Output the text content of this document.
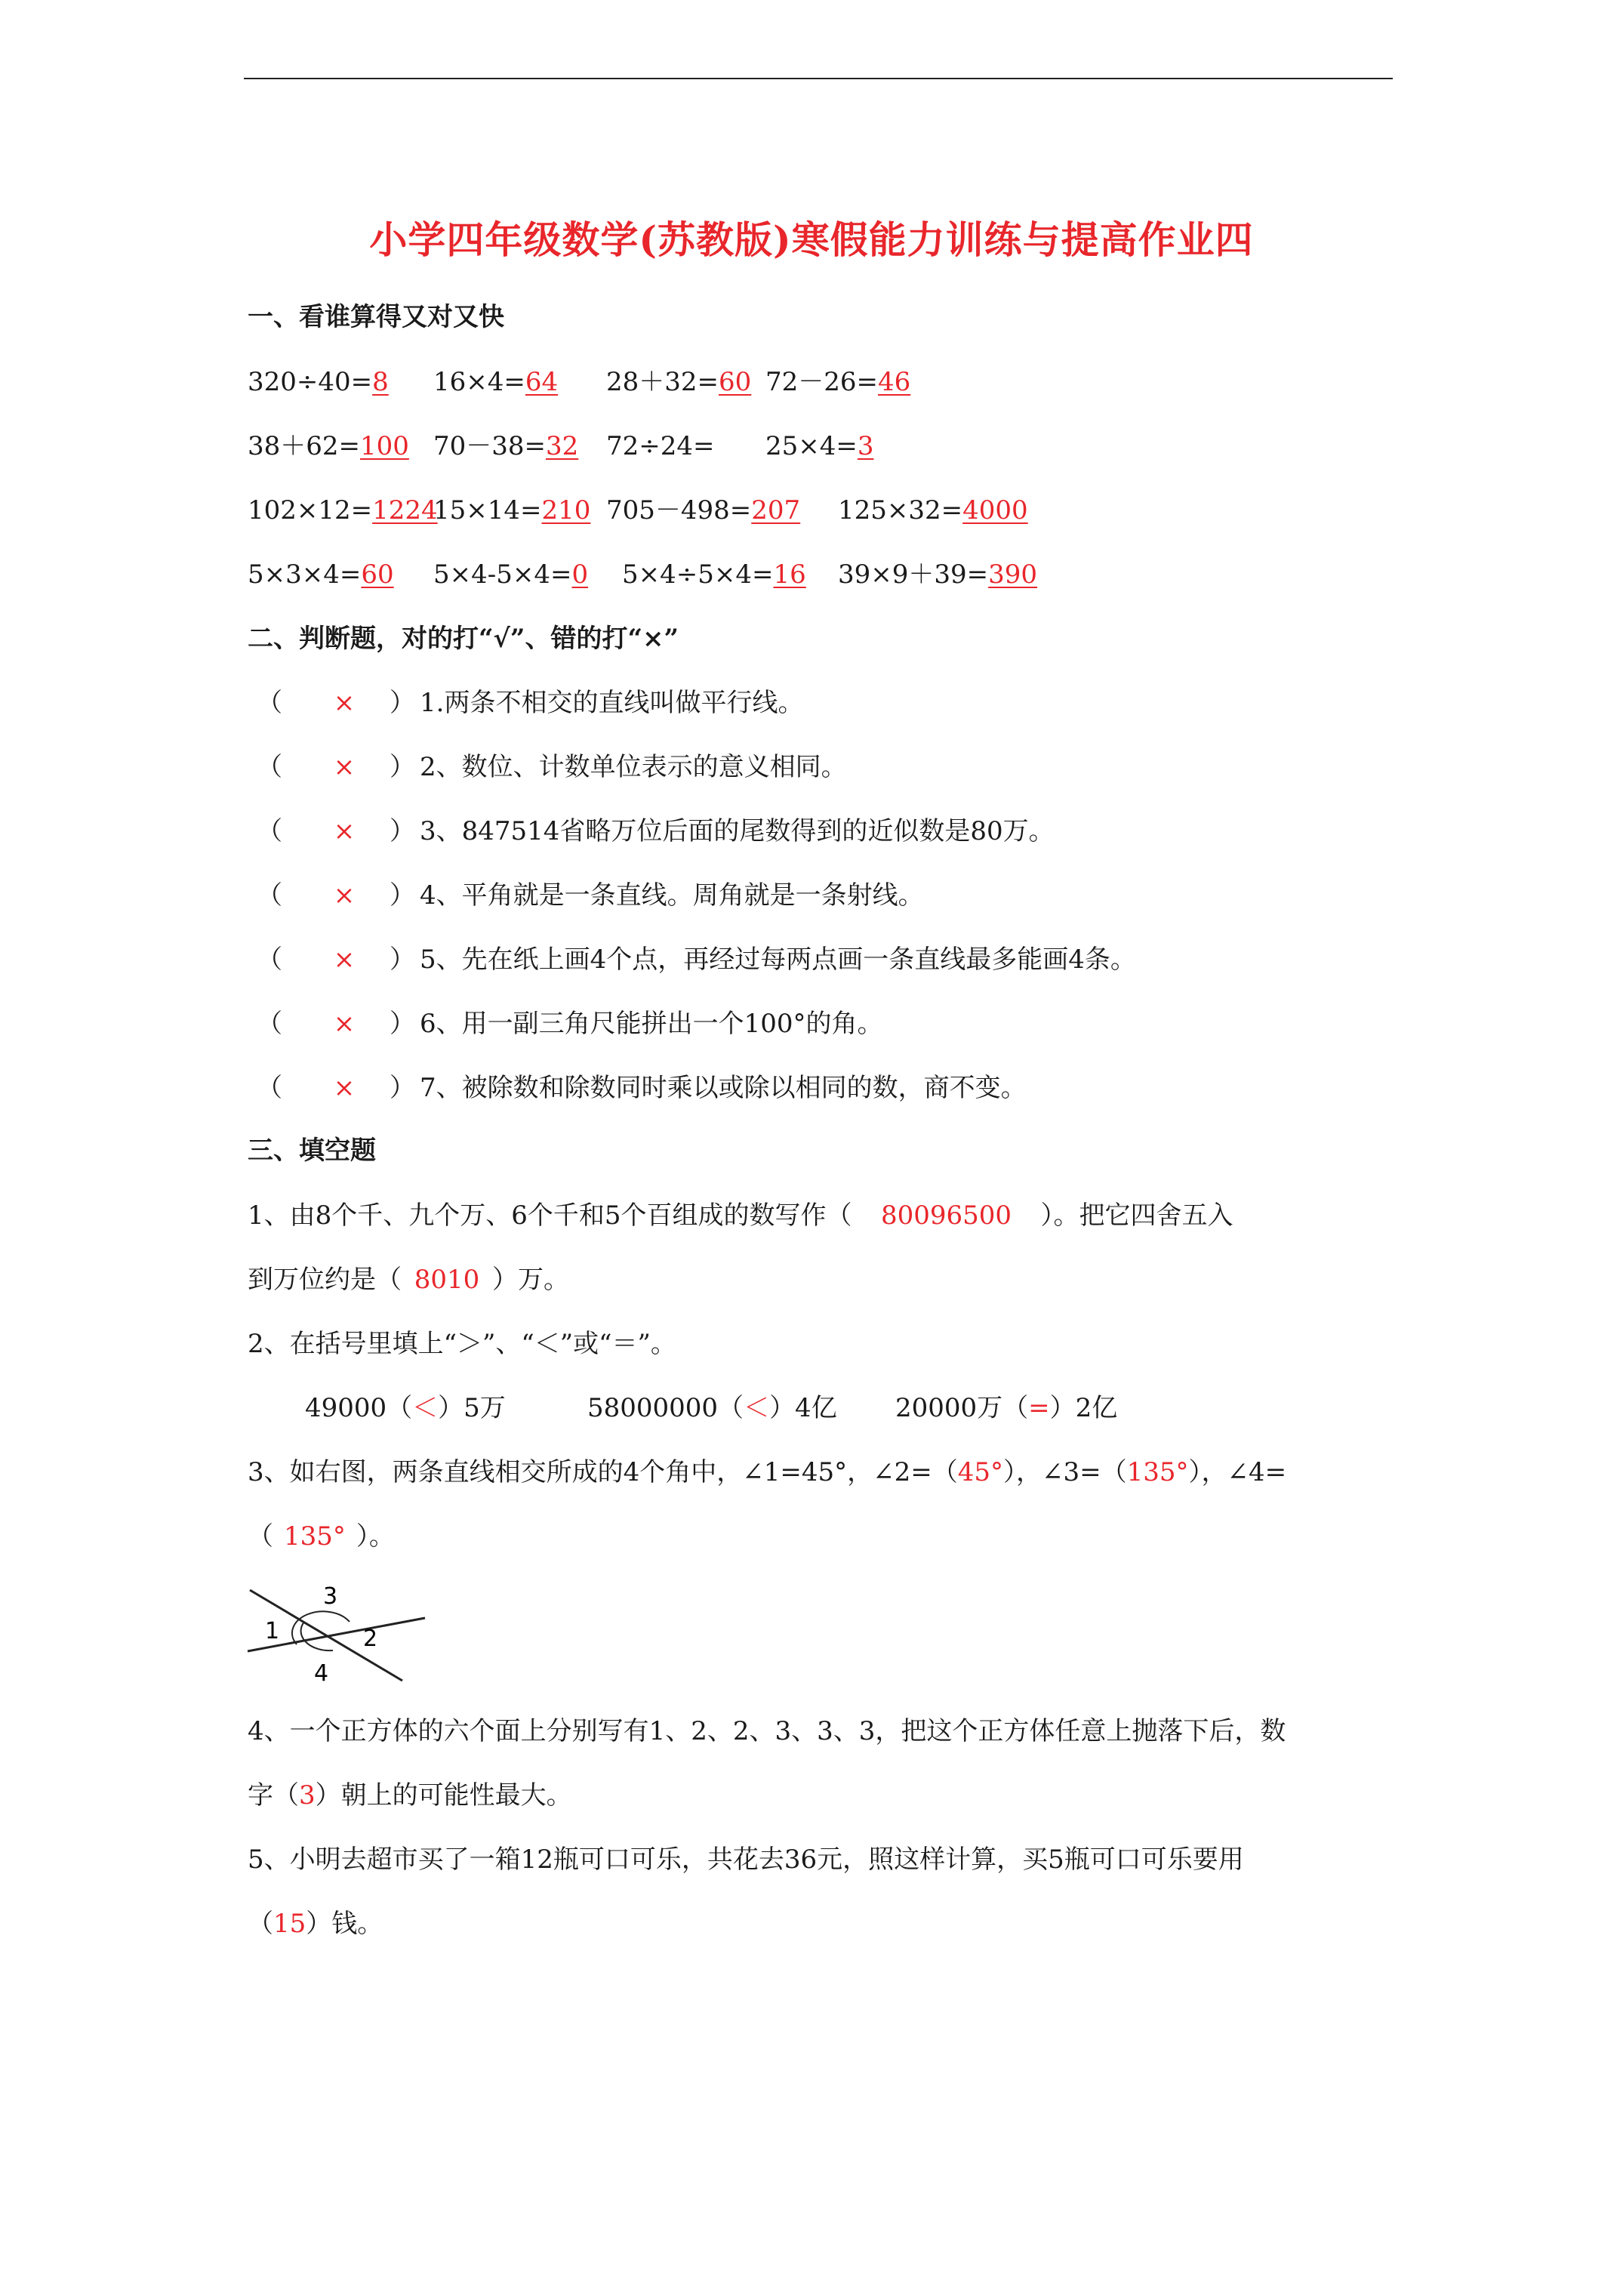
小学四年级数学(苏教版)寒假能力训练与提高作业四
一、看谁算得又对又快
320÷40=8 16×4=64 28＋32=60 72－26=46
38＋62=100 70－38=32 72÷24= 25×4=3
102×12=1224
15×14=210 705－498=207 125×32=4000
5×3×4=60 5×4-5×4=0 5×4÷5×4=16 39×9＋39=390
二、判断题，对的打“√”、错的打“×”
（ × ） 1.两条不相交的直线叫做平行线。
（ × ） 2、数位、计数单位表示的意义相同。
（ × ） 3、847514省略万位后面的尾数得到的近似数是80万。
（ × ） 4、平角就是一条直线。周角就是一条射线。
（ × ） 5、先在纸上画4个点，再经过每两点画一条直线最多能画4条。
（ × ） 6、用一副三角尺能拼出一个100°的角。
（ × ） 7、被除数和除数同时乘以或除以相同的数，商不变。
三、填空题
1、由8个千、九个万、6个千和5个百组成的数写作（ 80096500 ）。把它四舍五入
到万位约是（ 8010 ）万。
2、在括号里填上“＞”、“＜”或“＝”。
49000（＜）5万	58000000（＜）4亿 20000万（=）2亿
3、如右图，两条直线相交所成的4个角中，∠1=45°，∠2=（45°），∠3=（135°），∠4=
（ 135° ）。
1	2
3
4
4、一个正方体的六个面上分别写有1、2、2、3、3、3，把这个正方体任意上抛落下后，数
字（3）朝上的可能性最大。
5、小明去超市买了一箱12瓶可口可乐，共花去36元，照这样计算，买5瓶可口可乐要用
（15）钱。
